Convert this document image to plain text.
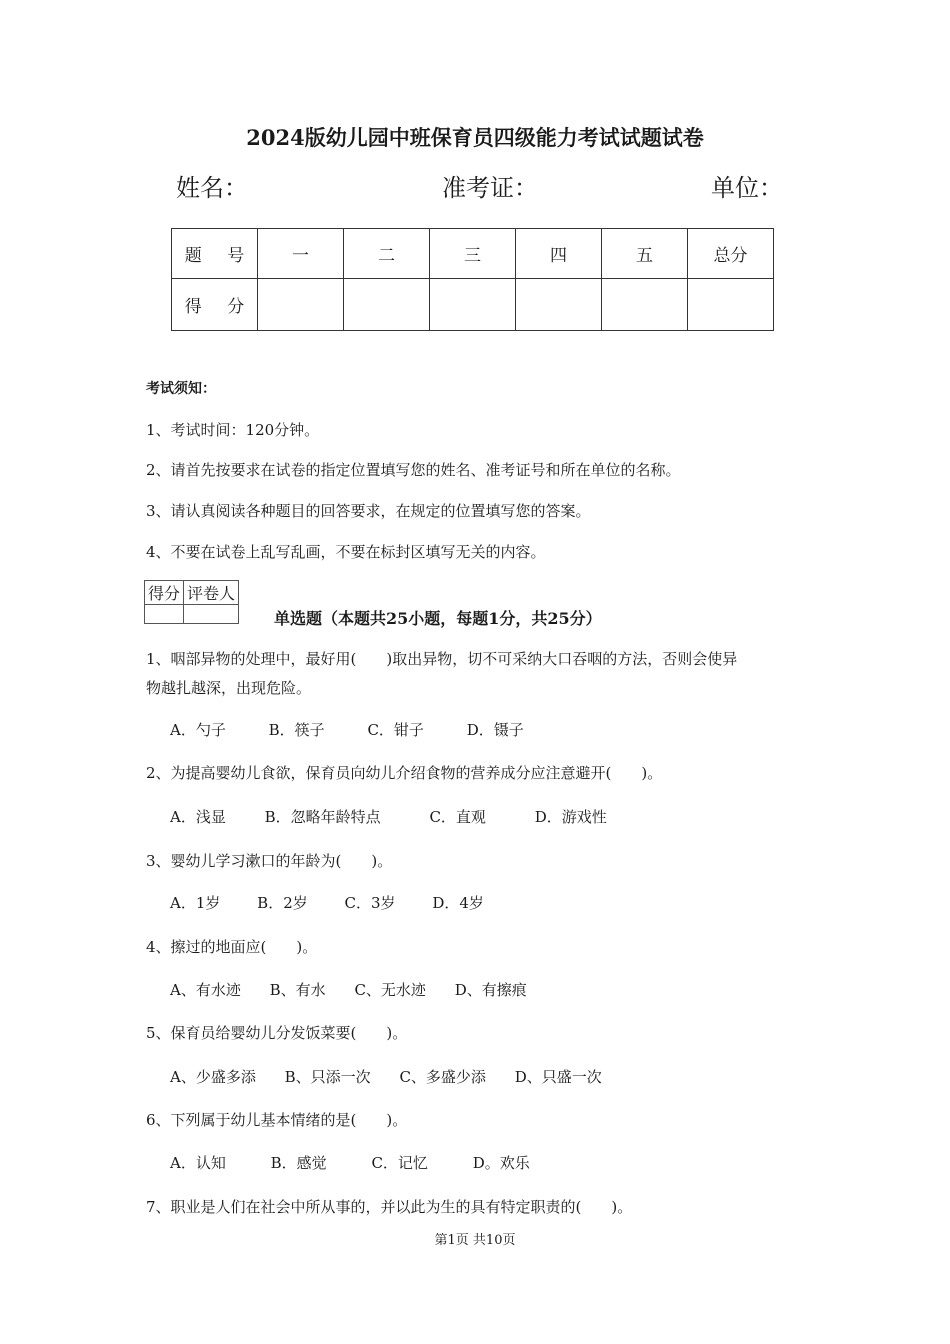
2024版幼儿园中班保育员四级能力考试试题试卷
姓名：	准考证：	单位：
题 号	一	二	三	四	五	总分
得 分						
考试须知：
1、考试时间：120分钟。
2、请首先按要求在试卷的指定位置填写您的姓名、准考证号和所在单位的名称。
3、请认真阅读各种题目的回答要求，在规定的位置填写您的答案。
4、不要在试卷上乱写乱画，不要在标封区填写无关的内容。
得分	评卷人

单选题（本题共25小题，每题1分，共25分）
1、咽部异物的处理中，最好用(　　)取出异物，切不可采纳大口吞咽的方法，否则会使异
物越扎越深，出现危险。
A．勺子	B．筷子	C．钳子	D．镊子
2、为提高婴幼儿食欲，保育员向幼儿介绍食物的营养成分应注意避开(　　)。
A．浅显	B．忽略年龄特点	C．直观	D．游戏性
3、婴幼儿学习漱口的年龄为(　　)。
A．1岁 B．2岁 C．3岁 D．4岁
4、擦过的地面应(　　)。
A、有水迹 B、有水 C、无水迹 D、有擦痕
5、保育员给婴幼儿分发饭菜要(　　)。
A、少盛多添 B、只添一次 C、多盛少添 D、只盛一次
6、下列属于幼儿基本情绪的是(　　)。
A．认知	B．感觉	C．记忆	D。欢乐
7、职业是人们在社会中所从事的，并以此为生的具有特定职责的(　　)。
第1页 共10页
